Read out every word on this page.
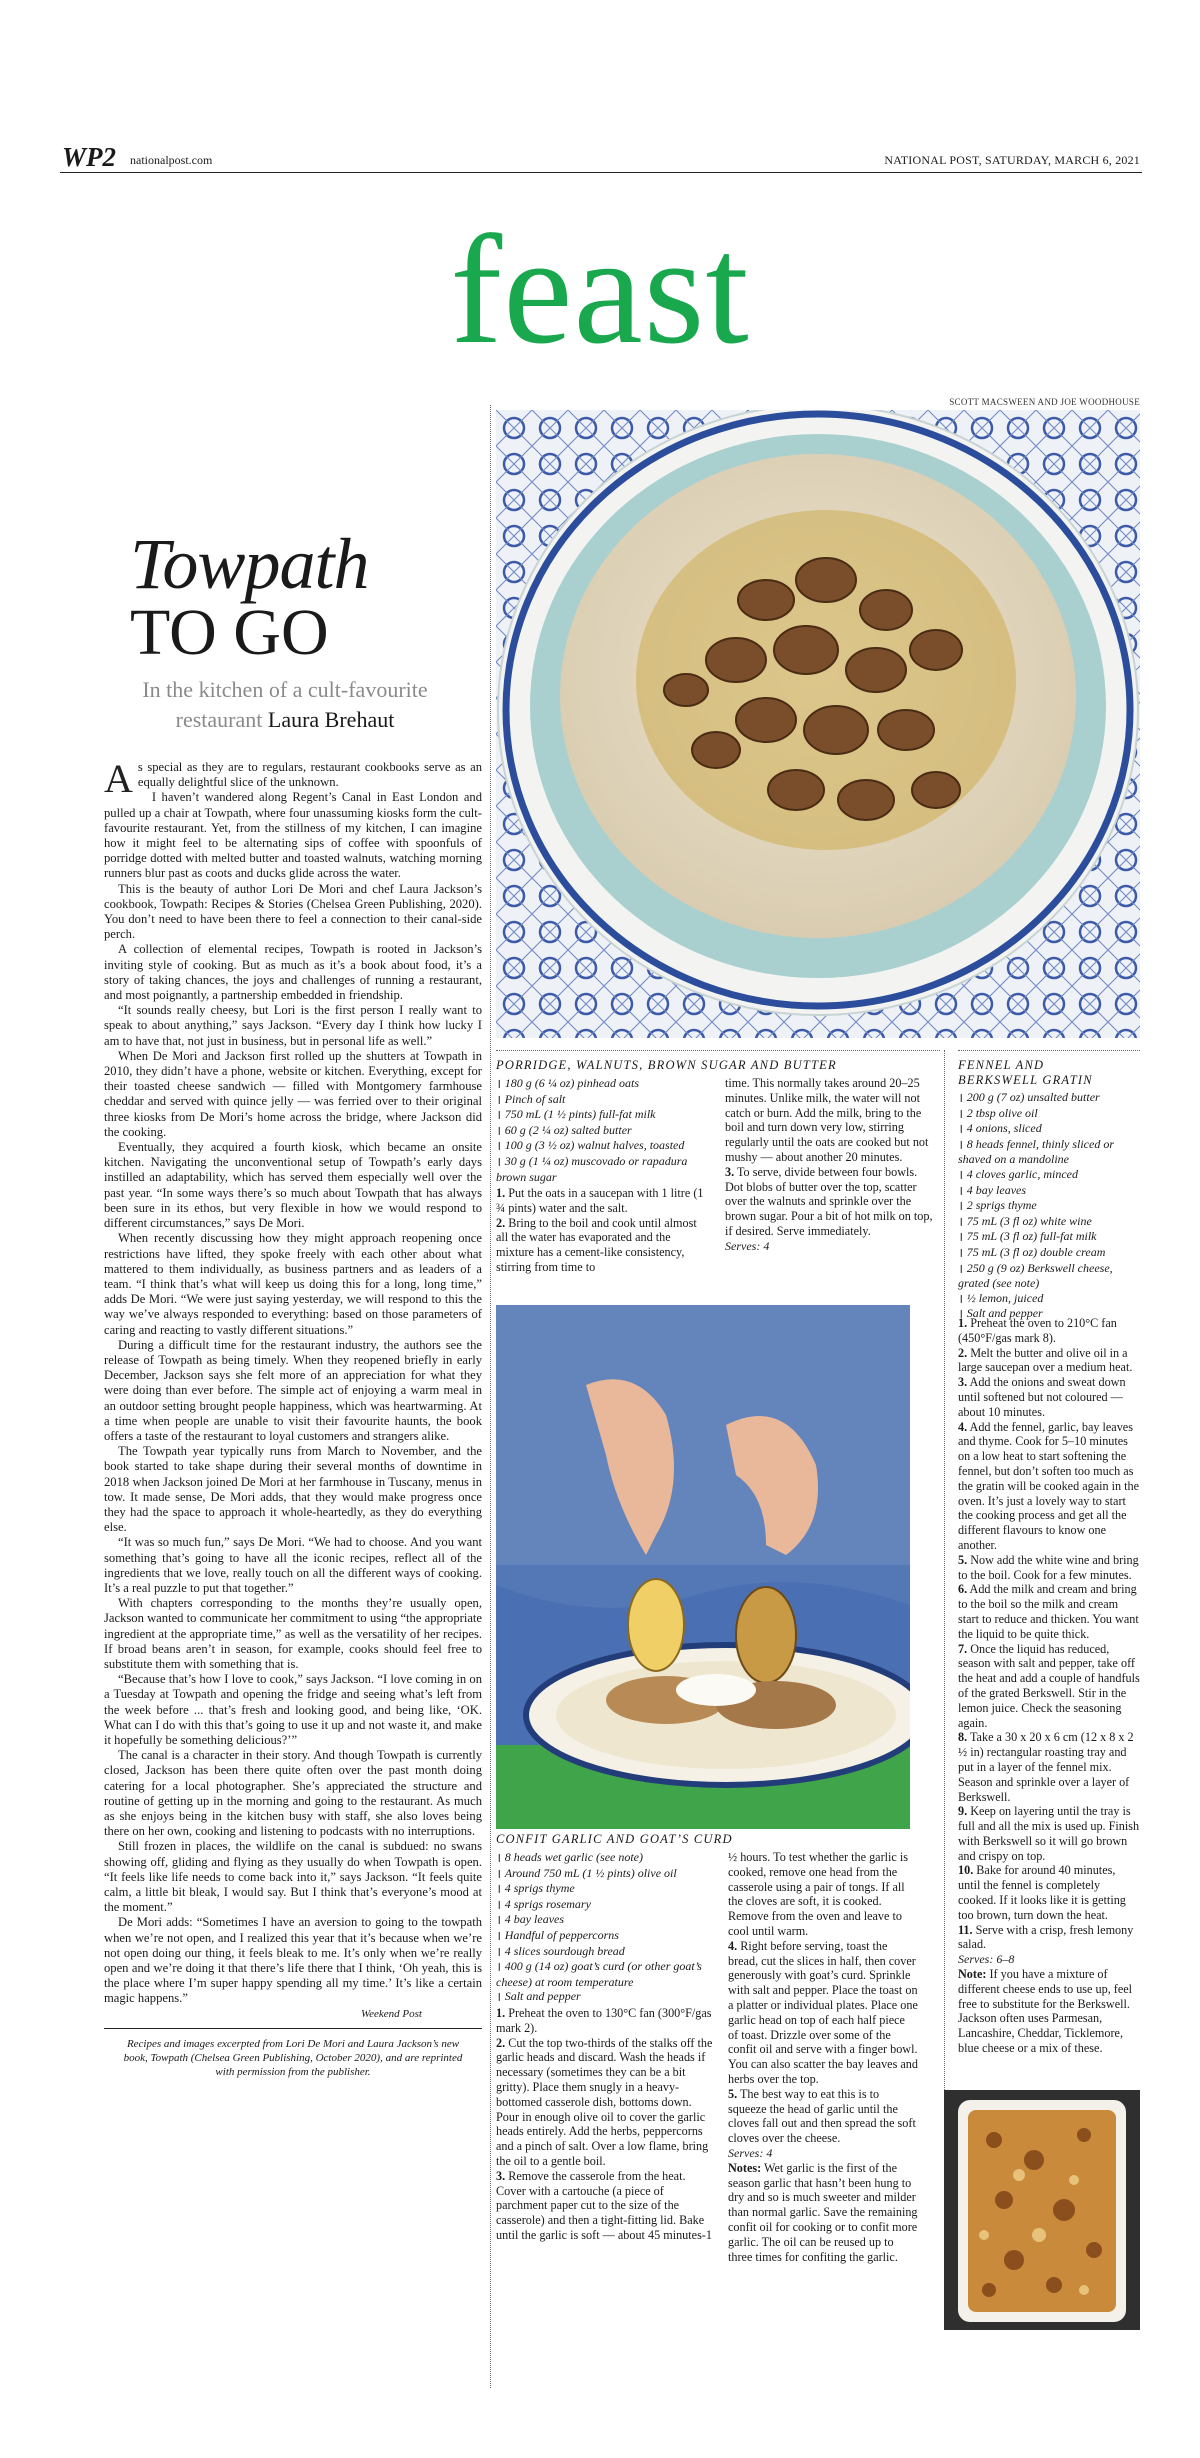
WP2 nationalpost.com	NATIONAL POST, SATURDAY, MARCH 6, 2021
feast
SCOTT MACSWEEN AND JOE WOODHOUSE
Towpath
TO GO
In the kitchen of a cult-favourite restaurant Laura Brehaut

As special as they are to regulars, restaurant cookbooks serve as an equally delightful slice of the unknown.

I haven’t wandered along Regent’s Canal in East London and pulled up a chair at Towpath, where four unassuming kiosks form the cult-favourite restaurant. Yet, from the stillness of my kitchen, I can imagine how it might feel to be alternating sips of coffee with spoonfuls of porridge dotted with melted butter and toasted walnuts, watching morning runners blur past as coots and ducks glide across the water.

This is the beauty of author Lori De Mori and chef Laura Jackson’s cookbook, Towpath: Recipes & Stories (Chelsea Green Publishing, 2020). You don’t need to have been there to feel a connection to their canal-side perch.

A collection of elemental recipes, Towpath is rooted in Jackson’s inviting style of cooking. But as much as it’s a book about food, it’s a story of taking chances, the joys and challenges of running a restaurant, and most poignantly, a partnership embedded in friendship.

“It sounds really cheesy, but Lori is the first person I really want to speak to about anything,” says Jackson. “Every day I think how lucky I am to have that, not just in business, but in personal life as well.”

When De Mori and Jackson first rolled up the shutters at Towpath in 2010, they didn’t have a phone, website or kitchen. Everything, except for their toasted cheese sandwich — filled with Montgomery farmhouse cheddar and served with quince jelly — was ferried over to their original three kiosks from De Mori’s home across the bridge, where Jackson did the cooking.

Eventually, they acquired a fourth kiosk, which became an onsite kitchen. Navigating the unconventional setup of Towpath’s early days instilled an adaptability, which has served them especially well over the past year. “In some ways there’s so much about Towpath that has always been sure in its ethos, but very flexible in how we would respond to different circumstances,” says De Mori.

When recently discussing how they might approach reopening once restrictions have lifted, they spoke freely with each other about what mattered to them individually, as business partners and as leaders of a team. “I think that’s what will keep us doing this for a long, long time,” adds De Mori. “We were just saying yesterday, we will respond to this the way we’ve always responded to everything: based on those parameters of caring and reacting to vastly different situations.”

During a difficult time for the restaurant industry, the authors see the release of Towpath as being timely. When they reopened briefly in early December, Jackson says she felt more of an appreciation for what they were doing than ever before. The simple act of enjoying a warm meal in an outdoor setting brought people happiness, which was heartwarming. At a time when people are unable to visit their favourite haunts, the book offers a taste of the restaurant to loyal customers and strangers alike.

The Towpath year typically runs from March to November, and the book started to take shape during their several months of downtime in 2018 when Jackson joined De Mori at her farmhouse in Tuscany, menus in tow. It made sense, De Mori adds, that they would make progress once they had the space to approach it whole-heartedly, as they do everything else.

“It was so much fun,” says De Mori. “We had to choose. And you want something that’s going to have all the iconic recipes, reflect all of the ingredients that we love, really touch on all the different ways of cooking. It’s a real puzzle to put that together.”

With chapters corresponding to the months they’re usually open, Jackson wanted to communicate her commitment to using “the appropriate ingredient at the appropriate time,” as well as the versatility of her recipes. If broad beans aren’t in season, for example, cooks should feel free to substitute them with something that is.

“Because that’s how I love to cook,” says Jackson. “I love coming in on a Tuesday at Towpath and opening the fridge and seeing what’s left from the week before ... that’s fresh and looking good, and being like, ‘OK. What can I do with this that’s going to use it up and not waste it, and make it hopefully be something delicious?’”

The canal is a character in their story. And though Towpath is currently closed, Jackson has been there quite often over the past month doing catering for a local photographer. She’s appreciated the structure and routine of getting up in the morning and going to the restaurant. As much as she enjoys being in the kitchen busy with staff, she also loves being there on her own, cooking and listening to podcasts with no interruptions.

Still frozen in places, the wildlife on the canal is subdued: no swans showing off, gliding and flying as they usually do when Towpath is open. “It feels like life needs to come back into it,” says Jackson. “It feels quite calm, a little bit bleak, I would say. But I think that’s everyone’s mood at the moment.”

De Mori adds: “Sometimes I have an aversion to going to the towpath when we’re not open, and I realized this year that it’s because when we’re not open doing our thing, it feels bleak to me. It’s only when we’re really open and we’re doing it that there’s life there that I think, ‘Oh yeah, this is the place where I’m super happy spending all my time.’ It’s like a certain magic happens.”

Weekend Post
Recipes and images excerpted from Lori De Mori and Laura Jackson’s new book, Towpath (Chelsea Green Publishing, October 2020), and are reprinted with permission from the publisher.
PORRIDGE, WALNUTS, BROWN SUGAR AND BUTTER
❙ 180 g (6 ¼ oz) pinhead oats
❙ Pinch of salt
❙ 750 mL (1 ½ pints) full-fat milk
❙ 60 g (2 ¼ oz) salted butter
❙ 100 g (3 ½ oz) walnut halves, toasted
❙ 30 g (1 ¼ oz) muscovado or rapadura brown sugar
1. Put the oats in a saucepan with 1 litre (1 ¾ pints) water and the salt.
2. Bring to the boil and cook until almost all the water has evaporated and the mixture has a cement-like consistency, stirring from time to
time. This normally takes around 20–25 minutes. Unlike milk, the water will not catch or burn. Add the milk, bring to the boil and turn down very low, stirring regularly until the oats are cooked but not mushy — about another 20 minutes.
3. To serve, divide between four bowls. Dot blobs of butter over the top, scatter over the walnuts and sprinkle over the brown sugar. Pour a bit of hot milk on top, if desired. Serve immediately.
Serves: 4
CONFIT GARLIC AND GOAT’S CURD
❙ 8 heads wet garlic (see note)
❙ Around 750 mL (1 ½ pints) olive oil
❙ 4 sprigs thyme
❙ 4 sprigs rosemary
❙ 4 bay leaves
❙ Handful of peppercorns
❙ 4 slices sourdough bread
❙ 400 g (14 oz) goat’s curd (or other goat’s cheese) at room temperature
❙ Salt and pepper
1. Preheat the oven to 130°C fan (300°F/gas mark 2).
2. Cut the top two-thirds of the stalks off the garlic heads and discard. Wash the heads if necessary (sometimes they can be a bit gritty). Place them snugly in a heavy-bottomed casserole dish, bottoms down. Pour in enough olive oil to cover the garlic heads entirely. Add the herbs, peppercorns and a pinch of salt. Over a low flame, bring the oil to a gentle boil.
3. Remove the casserole from the heat. Cover with a cartouche (a piece of parchment paper cut to the size of the casserole) and then a tight-fitting lid. Bake until the garlic is soft — about 45 minutes-1
½ hours. To test whether the garlic is cooked, remove one head from the casserole using a pair of tongs. If all the cloves are soft, it is cooked. Remove from the oven and leave to cool until warm.
4. Right before serving, toast the bread, cut the slices in half, then cover generously with goat’s curd. Sprinkle with salt and pepper. Place the toast on a platter or individual plates. Place one garlic head on top of each half piece of toast. Drizzle over some of the confit oil and serve with a finger bowl. You can also scatter the bay leaves and herbs over the top.
5. The best way to eat this is to squeeze the head of garlic until the cloves fall out and then spread the soft cloves over the cheese.
Serves: 4
Notes: Wet garlic is the first of the season garlic that hasn’t been hung to dry and so is much sweeter and milder than normal garlic. Save the remaining confit oil for cooking or to confit more garlic. The oil can be reused up to three times for confiting the garlic.
FENNEL AND
BERKSWELL GRATIN
❙ 200 g (7 oz) unsalted butter
❙ 2 tbsp olive oil
❙ 4 onions, sliced
❙ 8 heads fennel, thinly sliced or shaved on a mandoline
❙ 4 cloves garlic, minced
❙ 4 bay leaves
❙ 2 sprigs thyme
❙ 75 mL (3 fl oz) white wine
❙ 75 mL (3 fl oz) full-fat milk
❙ 75 mL (3 fl oz) double cream
❙ 250 g (9 oz) Berkswell cheese, grated (see note)
❙ ½ lemon, juiced
❙ Salt and pepper
1. Preheat the oven to 210°C fan (450°F/gas mark 8).
2. Melt the butter and olive oil in a large saucepan over a medium heat.
3. Add the onions and sweat down until softened but not coloured — about 10 minutes.
4. Add the fennel, garlic, bay leaves and thyme. Cook for 5–10 minutes on a low heat to start softening the fennel, but don’t soften too much as the gratin will be cooked again in the oven. It’s just a lovely way to start the cooking process and get all the different flavours to know one another.
5. Now add the white wine and bring to the boil. Cook for a few minutes.
6. Add the milk and cream and bring to the boil so the milk and cream start to reduce and thicken. You want the liquid to be quite thick.
7. Once the liquid has reduced, season with salt and pepper, take off the heat and add a couple of handfuls of the grated Berkswell. Stir in the lemon juice. Check the seasoning again.
8. Take a 30 x 20 x 6 cm (12 x 8 x 2 ½ in) rectangular roasting tray and put in a layer of the fennel mix. Season and sprinkle over a layer of Berkswell.
9. Keep on layering until the tray is full and all the mix is used up. Finish with Berkswell so it will go brown and crispy on top.
10. Bake for around 40 minutes, until the fennel is completely cooked. If it looks like it is getting too brown, turn down the heat.
11. Serve with a crisp, fresh lemony salad.
Serves: 6–8
Note: If you have a mixture of different cheese ends to use up, feel free to substitute for the Berkswell. Jackson often uses Parmesan, Lancashire, Cheddar, Ticklemore, blue cheese or a mix of these.
